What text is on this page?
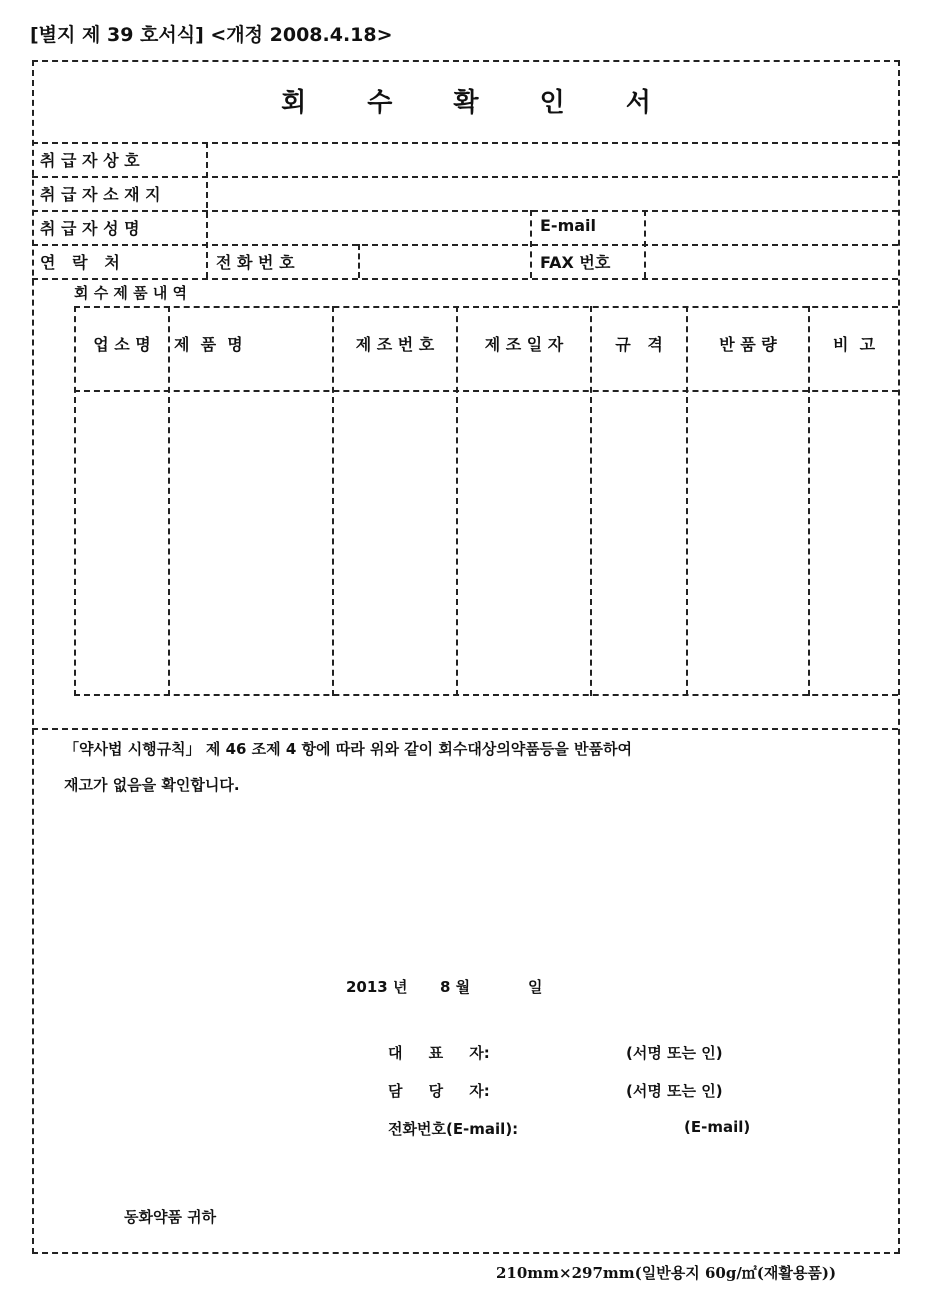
[별지 제 39 호서식] <개정 2008.4.18>
회 수 확 인 서
취 급 자 상 호
취 급 자 소 재 지
취 급 자 성 명	E-mail
연   락   처	전 화 번 호	FAX 번호
회 수 제 품 내 역
업 소 명	제  품  명	제 조 번 호	제 조 일 자	규   격	반 품 량	비  고
「약사법 시행규칙」 제 46 조제 4 항에 따라 위와 같이 회수대상의약품등을 반품하여
재고가 없음을 확인합니다.
2013 년 8 월	일
대     표     자:	(서명 또는 인)
담     당     자:	(서명 또는 인)
전화번호(E-mail):	(E-mail)
동화약품 귀하
210mm×297mm(일반용지 60g/㎡(재활용품))
